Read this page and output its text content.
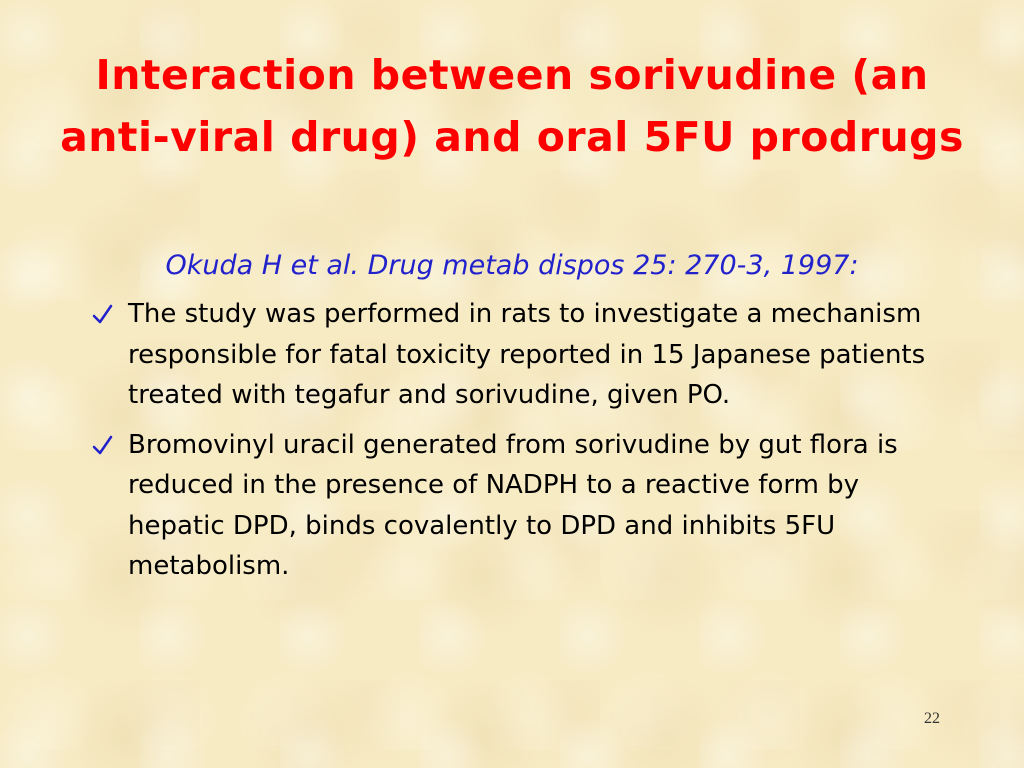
Interaction between sorivudine (an anti-viral drug) and oral 5FU prodrugs
Okuda H et al. Drug metab dispos 25: 270-3, 1997:
The study was performed in rats to investigate a mechanism responsible for fatal toxicity reported in 15 Japanese patients treated with tegafur and sorivudine, given PO.
Bromovinyl uracil generated from sorivudine by gut flora is reduced in the presence of NADPH to a reactive form by hepatic DPD, binds covalently to DPD and inhibits 5FU metabolism.
22
